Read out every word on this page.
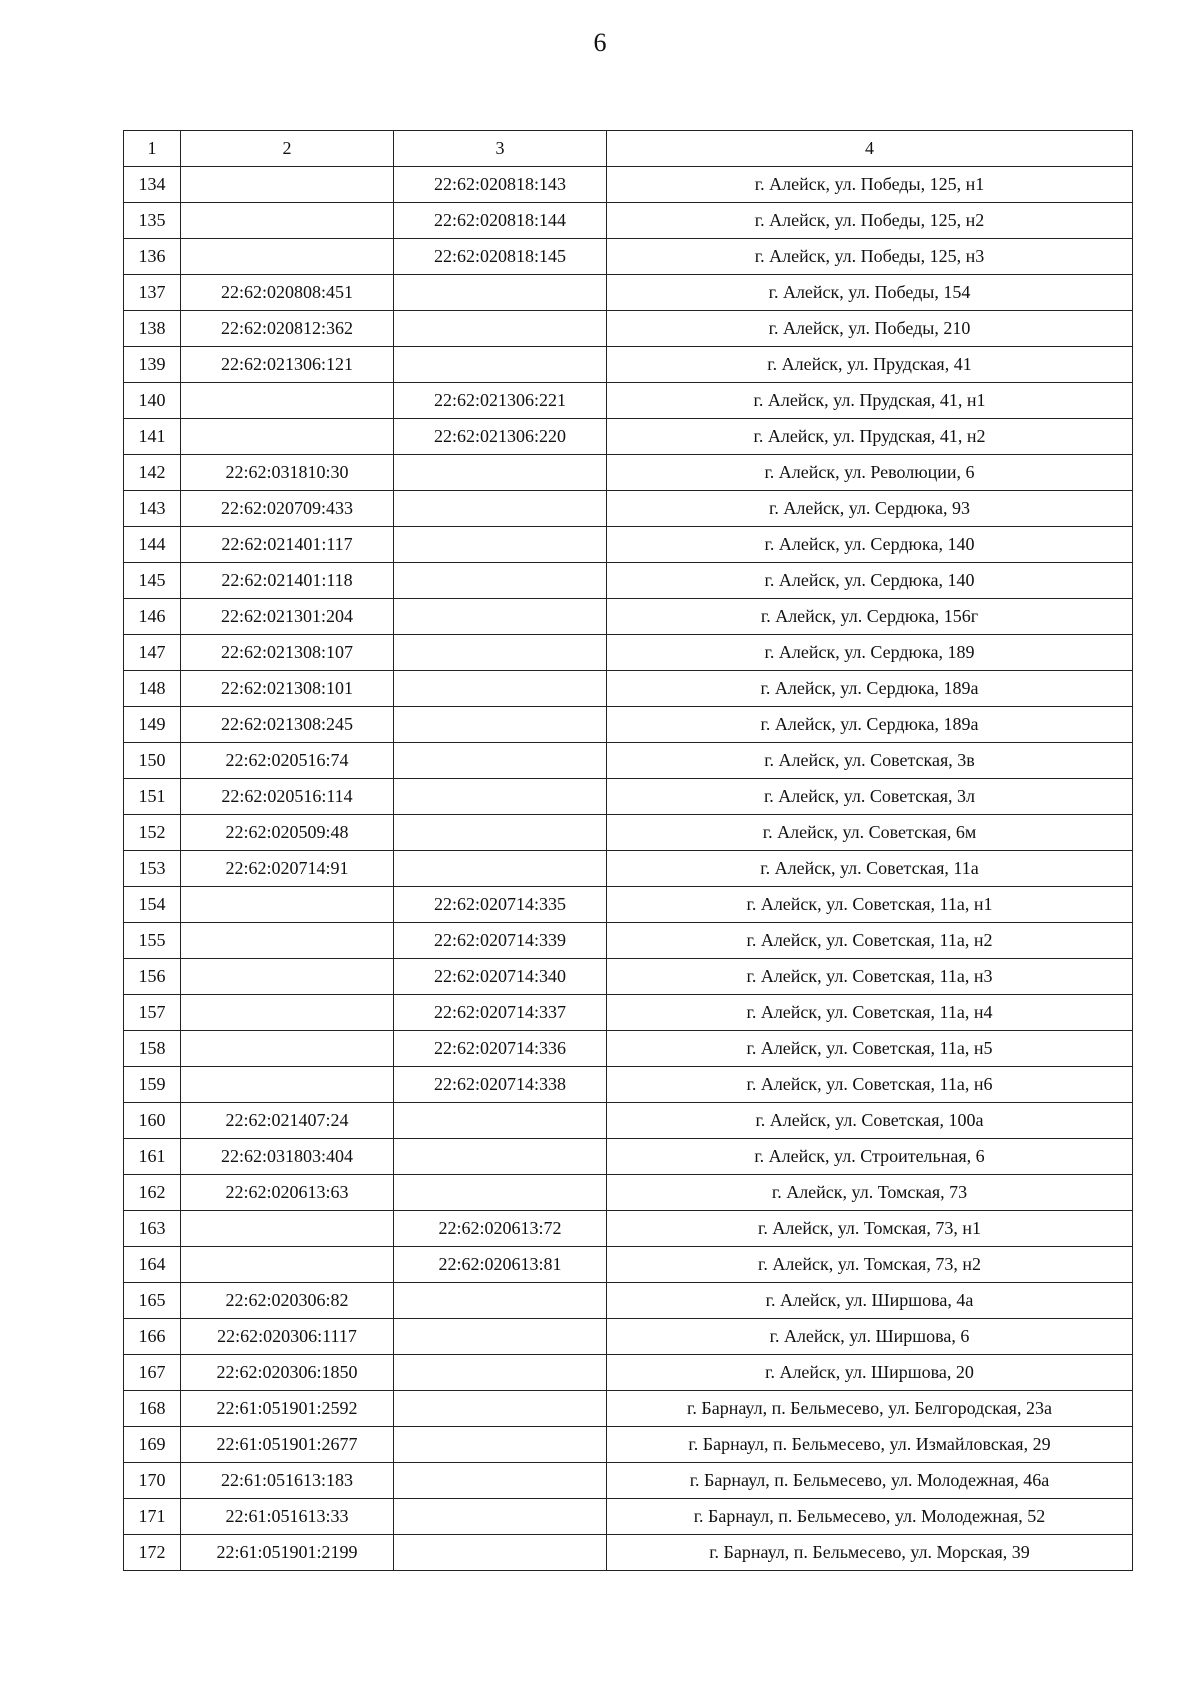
6
1	2	3	4
134		22:62:020818:143	г. Алейск, ул. Победы, 125, н1
135		22:62:020818:144	г. Алейск, ул. Победы, 125, н2
136		22:62:020818:145	г. Алейск, ул. Победы, 125, н3
137	22:62:020808:451		г. Алейск, ул. Победы, 154
138	22:62:020812:362		г. Алейск, ул. Победы, 210
139	22:62:021306:121		г. Алейск, ул. Прудская, 41
140		22:62:021306:221	г. Алейск, ул. Прудская, 41, н1
141		22:62:021306:220	г. Алейск, ул. Прудская, 41, н2
142	22:62:031810:30		г. Алейск, ул. Революции, 6
143	22:62:020709:433		г. Алейск, ул. Сердюка, 93
144	22:62:021401:117		г. Алейск, ул. Сердюка, 140
145	22:62:021401:118		г. Алейск, ул. Сердюка, 140
146	22:62:021301:204		г. Алейск, ул. Сердюка, 156г
147	22:62:021308:107		г. Алейск, ул. Сердюка, 189
148	22:62:021308:101		г. Алейск, ул. Сердюка, 189а
149	22:62:021308:245		г. Алейск, ул. Сердюка, 189а
150	22:62:020516:74		г. Алейск, ул. Советская, 3в
151	22:62:020516:114		г. Алейск, ул. Советская, 3л
152	22:62:020509:48		г. Алейск, ул. Советская, 6м
153	22:62:020714:91		г. Алейск, ул. Советская, 11а
154		22:62:020714:335	г. Алейск, ул. Советская, 11а, н1
155		22:62:020714:339	г. Алейск, ул. Советская, 11а, н2
156		22:62:020714:340	г. Алейск, ул. Советская, 11а, н3
157		22:62:020714:337	г. Алейск, ул. Советская, 11а, н4
158		22:62:020714:336	г. Алейск, ул. Советская, 11а, н5
159		22:62:020714:338	г. Алейск, ул. Советская, 11а, н6
160	22:62:021407:24		г. Алейск, ул. Советская, 100а
161	22:62:031803:404		г. Алейск, ул. Строительная, 6
162	22:62:020613:63		г. Алейск, ул. Томская, 73
163		22:62:020613:72	г. Алейск, ул. Томская, 73, н1
164		22:62:020613:81	г. Алейск, ул. Томская, 73, н2
165	22:62:020306:82		г. Алейск, ул. Ширшова, 4а
166	22:62:020306:1117		г. Алейск, ул. Ширшова, 6
167	22:62:020306:1850		г. Алейск, ул. Ширшова, 20
168	22:61:051901:2592		г. Барнаул, п. Бельмесево, ул. Белгородская, 23а
169	22:61:051901:2677		г. Барнаул, п. Бельмесево, ул. Измайловская, 29
170	22:61:051613:183		г. Барнаул, п. Бельмесево, ул. Молодежная, 46а
171	22:61:051613:33		г. Барнаул, п. Бельмесево, ул. Молодежная, 52
172	22:61:051901:2199		г. Барнаул, п. Бельмесево, ул. Морская, 39
